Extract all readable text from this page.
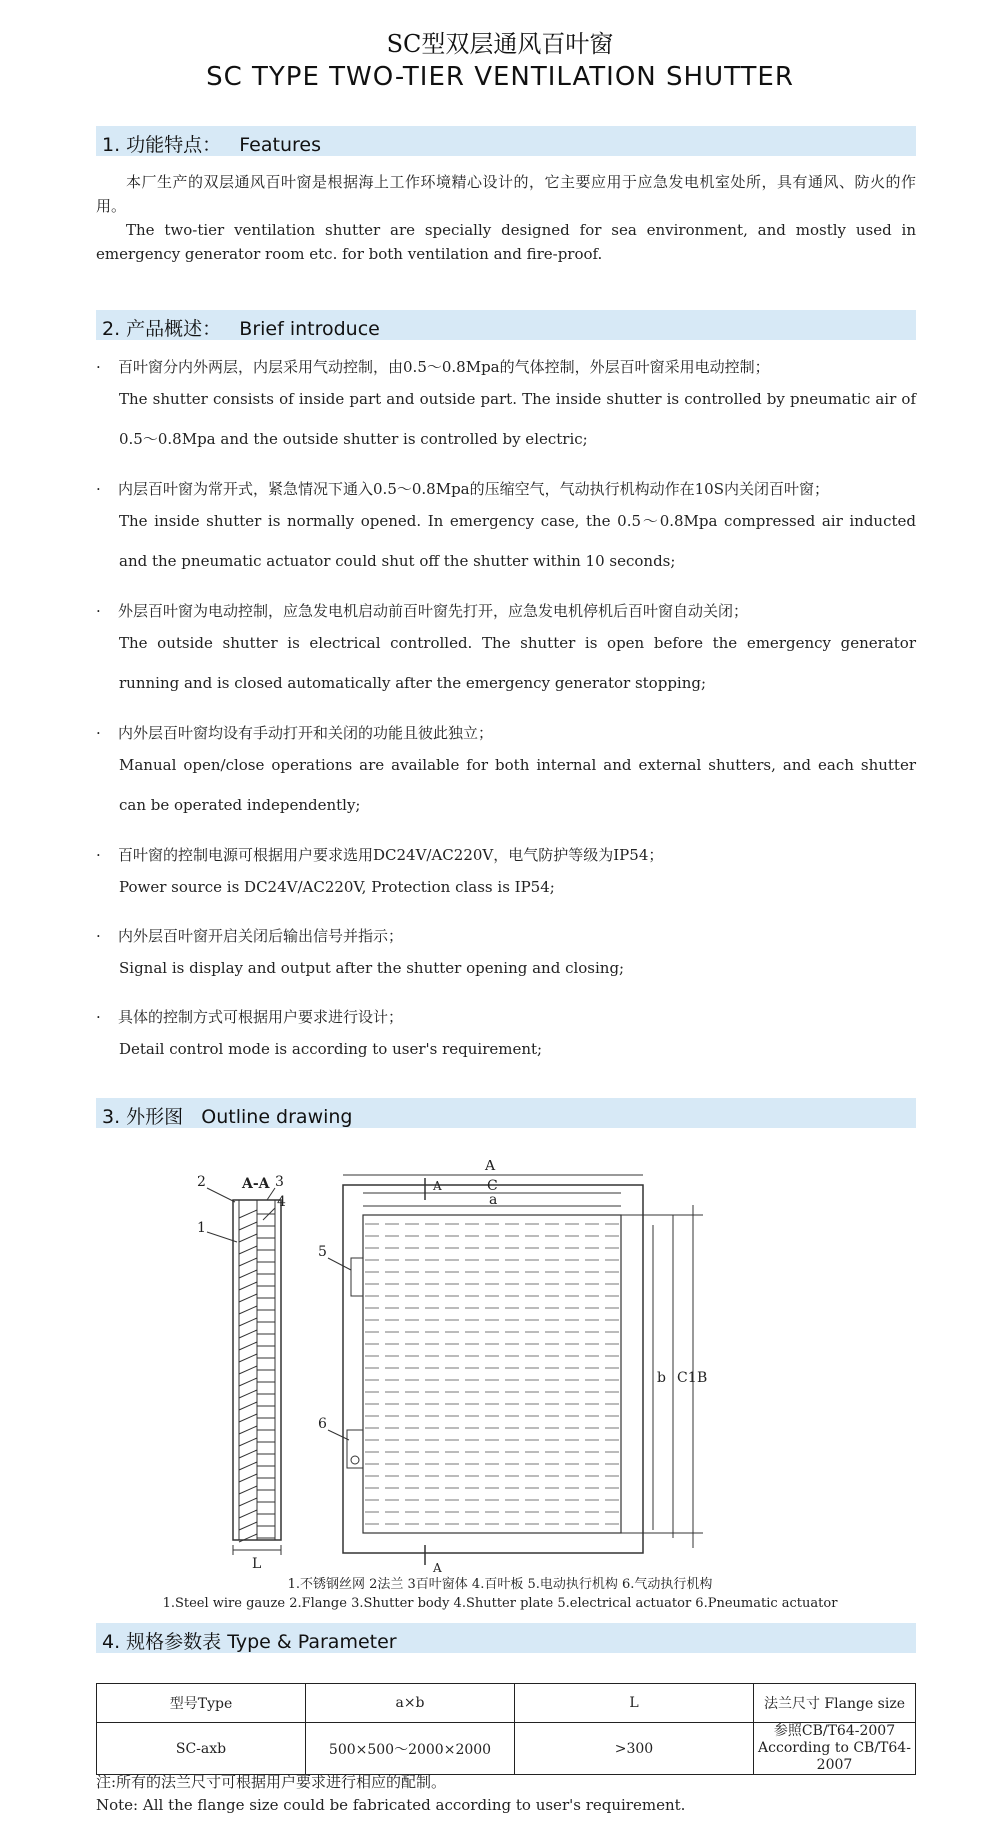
SC型双层通风百叶窗
SC TYPE TWO-TIER VENTILATION SHUTTER
1. 功能特点：   Features
本厂生产的双层通风百叶窗是根据海上工作环境精心设计的，它主要应用于应急发电机室处所，具有通风、防火的作用。
The two-tier ventilation shutter are specially designed for sea environment, and mostly used in emergency generator room etc. for both ventilation and fire-proof.
2. 产品概述：   Brief introduce
· 百叶窗分内外两层，内层采用气动控制，由0.5～0.8Mpa的气体控制，外层百叶窗采用电动控制；
The shutter consists of inside part and outside part. The inside shutter is controlled by pneumatic air of 0.5～0.8Mpa and the outside shutter is controlled by electric;
· 内层百叶窗为常开式，紧急情况下通入0.5～0.8Mpa的压缩空气，气动执行机构动作在10S内关闭百叶窗；
The inside shutter is normally opened. In emergency case, the 0.5～0.8Mpa compressed air inducted and the pneumatic actuator could shut off the shutter within 10 seconds;
· 外层百叶窗为电动控制，应急发电机启动前百叶窗先打开，应急发电机停机后百叶窗自动关闭；
The outside shutter is electrical controlled. The shutter is open before the emergency generator running and is closed automatically after the emergency generator stopping;
· 内外层百叶窗均设有手动打开和关闭的功能且彼此独立；
Manual open/close operations are available for both internal and external shutters, and each shutter can be operated independently;
· 百叶窗的控制电源可根据用户要求选用DC24V/AC220V，电气防护等级为IP54；
Power source is DC24V/AC220V, Protection class is IP54;
· 内外层百叶窗开启关闭后输出信号并指示；
Signal is display and output after the shutter opening and closing;
· 具体的控制方式可根据用户要求进行设计；
Detail control mode is according to user's requirement;
3. 外形图   Outline drawing
L
A-A
2	3
4
1
5
6
A
C
a
A
A
b C1 B
1.不锈钢丝网 2法兰 3百叶窗体 4.百叶板 5.电动执行机构 6.气动执行机构
1.Steel wire gauze 2.Flange 3.Shutter body 4.Shutter plate 5.electrical actuator 6.Pneumatic actuator
4. 规格参数表 Type & Parameter
型号Type	a×b	L	法兰尺寸 Flange size
SC-axb	500×500～2000×2000	>300	参照CB/T64-2007
According to CB/T64-2007
注:所有的法兰尺寸可根据用户要求进行相应的配制。
Note: All the flange size could be fabricated according to user's requirement.
